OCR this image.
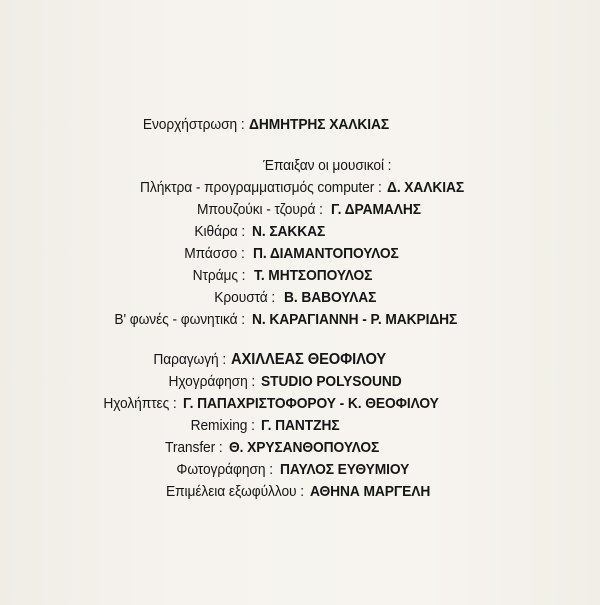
Ενορχήστρωση : ΔΗΜΗΤΡΗΣ ΧΑΛΚΙΑΣ
Έπαιξαν οι μουσικοί :
Πλήκτρα - προγραμματισμός computer : Δ. ΧΑΛΚΙΑΣ
Μπουζούκι - τζουρά : Γ. ΔΡΑΜΑΛΗΣ
Κιθάρα : Ν. ΣΑΚΚΑΣ
Μπάσσο : Π. ΔΙΑΜΑΝΤΟΠΟΥΛΟΣ
Ντράμς : Τ. ΜΗΤΣΟΠΟΥΛΟΣ
Κρουστά : Β. ΒΑΒΟΥΛΑΣ
Β' φωνές - φωνητικά : Ν. ΚΑΡΑΓΙΑΝΝΗ - Ρ. ΜΑΚΡΙΔΗΣ
Παραγωγή : ΑΧΙΛΛΕΑΣ ΘΕΟΦΙΛΟΥ
Ηχογράφηση : STUDIO POLYSOUND
Ηχολήπτες : Γ. ΠΑΠΑΧΡΙΣΤΟΦΟΡΟΥ - Κ. ΘΕΟΦΙΛΟΥ
Remixing : Γ. ΠΑΝΤΖΗΣ
Transfer : Θ. ΧΡΥΣΑΝΘΟΠΟΥΛΟΣ
Φωτογράφηση : ΠΑΥΛΟΣ ΕΥΘΥΜΙΟΥ
Επιμέλεια εξωφύλλου : ΑΘΗΝΑ ΜΑΡΓΕΛΗ
